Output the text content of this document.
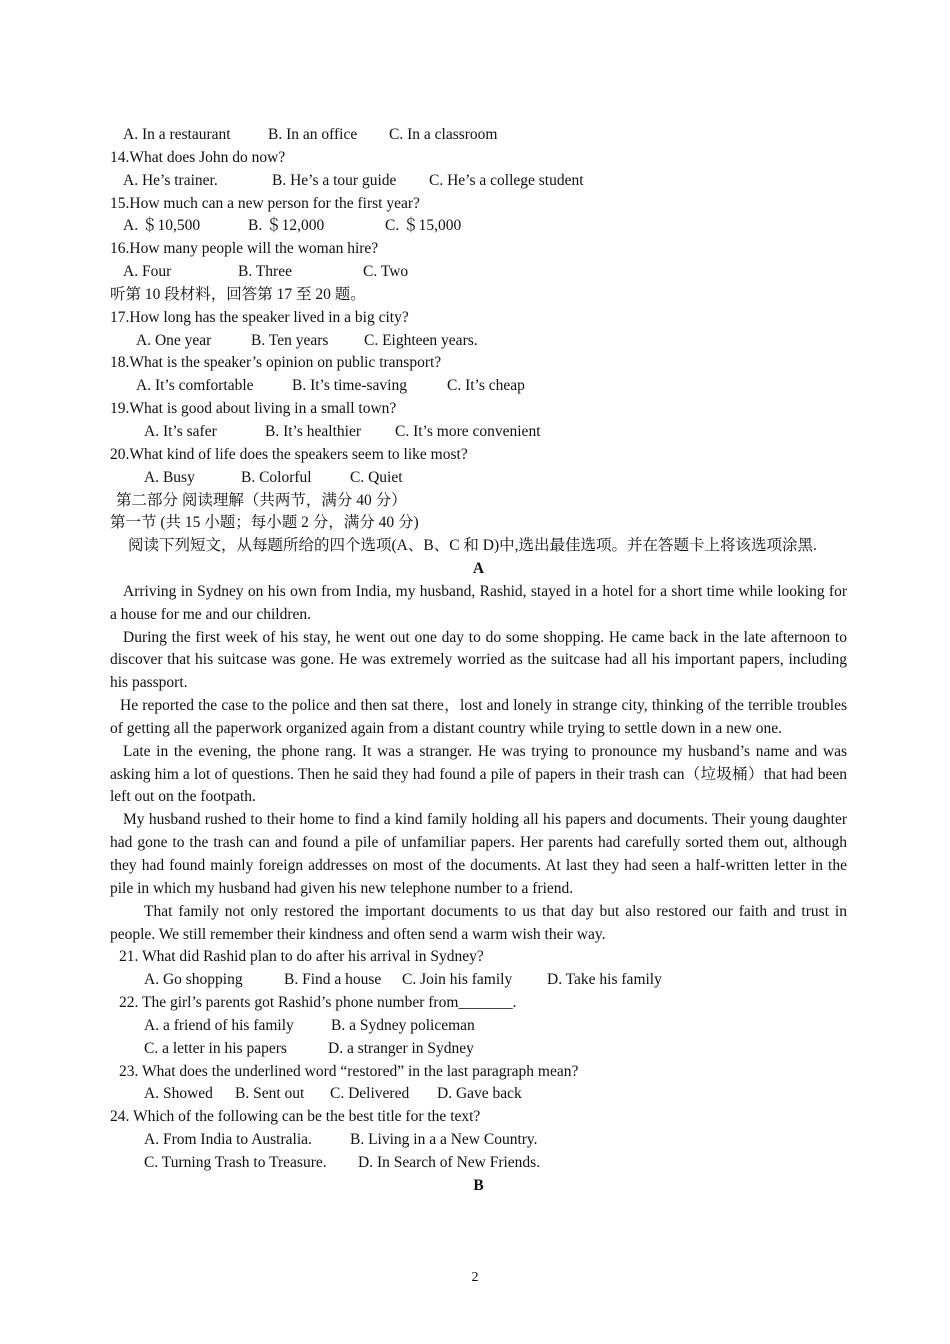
A. In a restaurant B. In an office C. In a classroom
14.What does John do now?
A. He’s trainer.	B. He’s a tour guide C. He’s a college student
15.How much can a new person for the first year?
A. ＄10,500	B. ＄12,000	C. ＄15,000
16.How many people will the woman hire?
A. Four	B. Three	C. Two
听第 10 段材料，回答第 17 至 20 题。
17.How long has the speaker lived in a big city?
A. One year	B. Ten years C. Eighteen years.
18.What is the speaker’s opinion on public transport?
A. It’s comfortable B. It’s time-saving	C. It’s cheap
19.What is good about living in a small town?
A. It’s safer	B. It’s healthier C. It’s more convenient
20.What kind of life does the speakers seem to like most?
A. Busy	B. Colorful C. Quiet
第二部分 阅读理解（共两节，满分 40 分）
第一节 (共 15 小题；每小题 2 分，满分 40 分)
阅读下列短文，从每题所给的四个选项(A、B、C 和 D)中,选出最佳选项。并在答题卡上将该选项涂黑.
A

Arriving in Sydney on his own from India, my husband, Rashid, stayed in a hotel for a short time while looking for a house for me and our children.

During the first week of his stay, he went out one day to do some shopping. He came back in the late afternoon to discover that his suitcase was gone. He was extremely worried as the suitcase had all his important papers, including his passport.

He reported the case to the police and then sat there，lost and lonely in strange city, thinking of the terrible troubles of getting all the paperwork organized again from a distant country while trying to settle down in a new one.

Late in the evening, the phone rang. It was a stranger. He was trying to pronounce my husband’s name and was asking him a lot of questions. Then he said they had found a pile of papers in their trash can（垃圾桶）that had been left out on the footpath.

My husband rushed to their home to find a kind family holding all his papers and documents. Their young daughter had gone to the trash can and found a pile of unfamiliar papers. Her parents had carefully sorted them out, although they had found mainly foreign addresses on most of the documents. At last they had seen a half-written letter in the pile in which my husband had given his new telephone number to a friend.

That family not only restored the important documents to us that day but also restored our faith and trust in people. We still remember their kindness and often send a warm wish their way.

21. What did Rashid plan to do after his arrival in Sydney?
A. Go shopping	B. Find a house C. Join his family D. Take his family
22. The girl’s parents got Rashid’s phone number from_______.
A. a friend of his family B. a Sydney policeman
C. a letter in his papers	D. a stranger in Sydney
23. What does the underlined word “restored” in the last paragraph mean?
A. Showed B. Sent out C. Delivered D. Gave back
24. Which of the following can be the best title for the text?
A. From India to Australia. B. Living in a a New Country.
C. Turning Trash to Treasure. D. In Search of New Friends.
B
2
